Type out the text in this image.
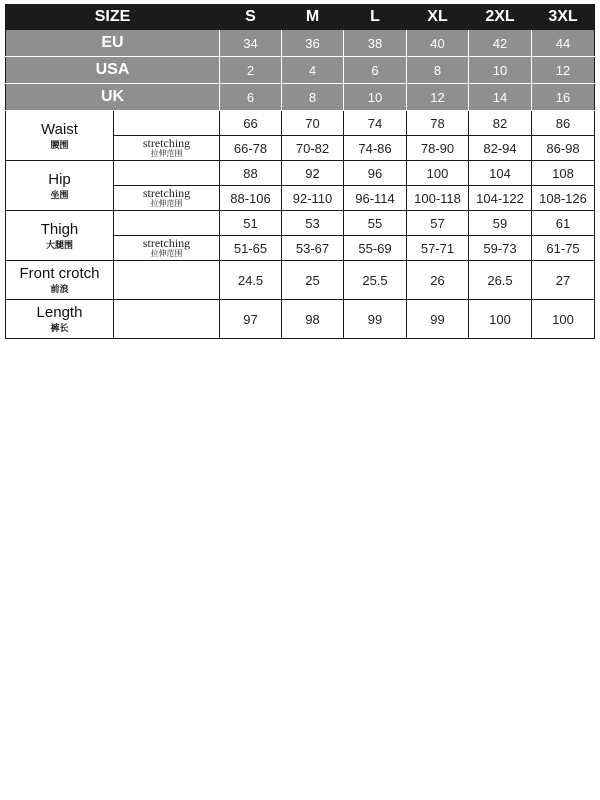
SIZE		S	M	L	XL	2XL	3XL
EU		34	36	38	40	42	44
USA		2	4	6	8	10	12
UK		6	8	10	12	14	16

Waist
腰围		66	70	74	78	82	86

	stretching
拉伸范围	66-78	70-82	74-86	78-90	82-94	86-98

Hip
坐围		88	92	96	100	104	108

	stretching
拉伸范围	88-106	92-110	96-114	100-118	104-122	108-126

Thigh
大腿围		51	53	55	57	59	61

	stretching
拉伸范围	51-65	53-67	55-69	57-71	59-73	61-75

Front crotch
前浪		24.5	25	25.5	26	26.5	27

Length
裤长		97	98	99	99	100	100
